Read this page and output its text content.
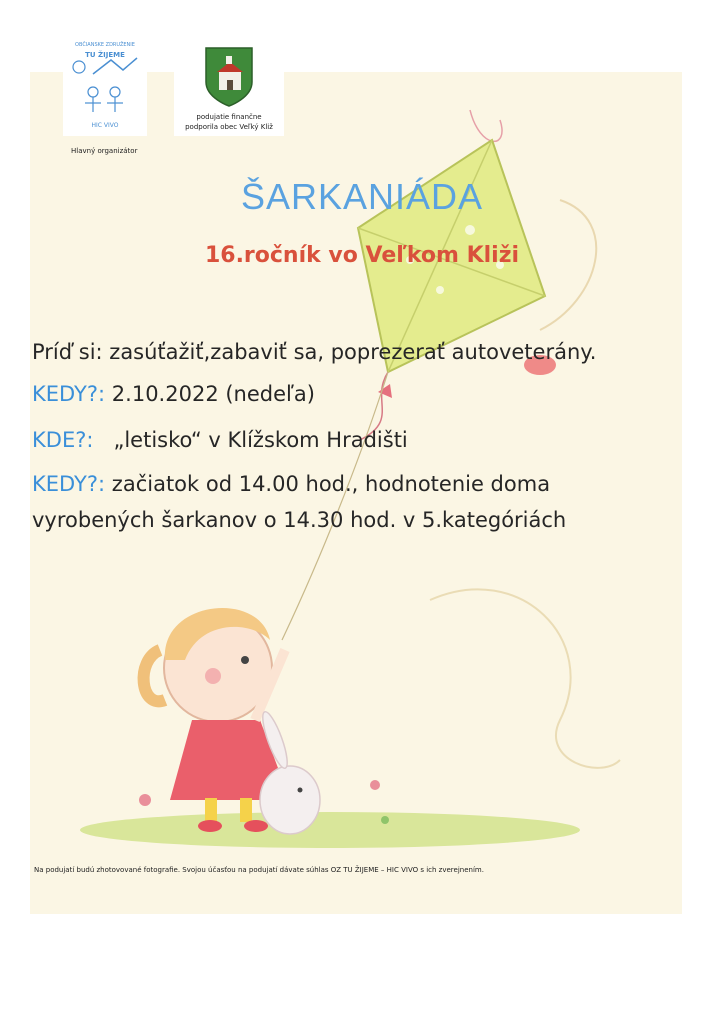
OBČIANSKE ZDRUŽENIE
TU ŽIJEME
HIC VIVO
Hlavný organizátor
podujatie finančne
podporila obec Veľký Kliž
ŠARKANIÁDA
16.ročník vo Veľkom Kliži
Príď si: zasúťažiť,zabaviť sa, poprezerať autoveterány.
KEDY?: 2.10.2022 (nedeľa)
KDE?:   „letisko“ v Klížskom Hradišti
KEDY?: začiatok od 14.00 hod., hodnotenie doma
vyrobených šarkanov o 14.30 hod. v 5.kategóriách
Na podujatí budú zhotovované fotografie. Svojou účasťou na podujatí dávate súhlas OZ TU ŽIJEME – HIC VIVO s ich zverejnením.
